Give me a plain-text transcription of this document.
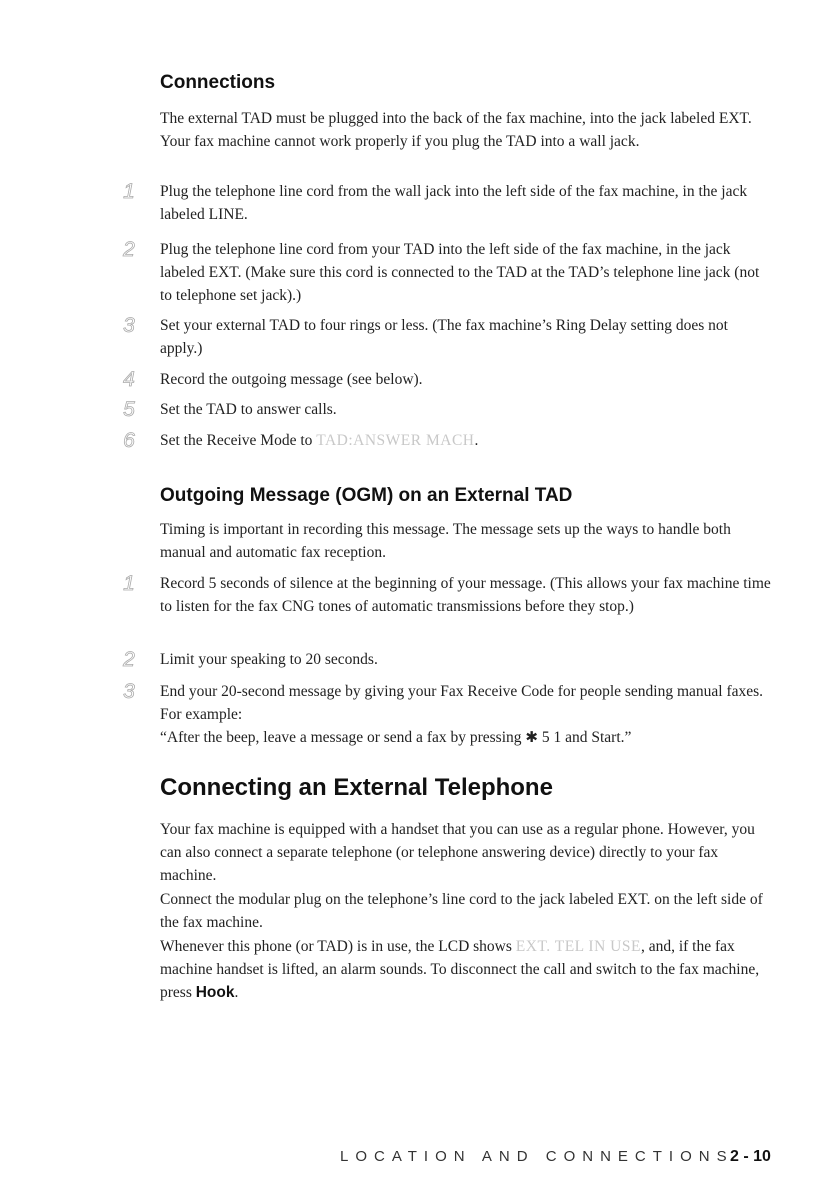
Connections

The external TAD must be plugged into the back of the fax machine, into the jack labeled EXT. Your fax machine cannot work properly if you plug the TAD into a wall jack.

1	Plug the telephone line cord from the wall jack into the left side of the fax machine, in the jack labeled LINE.

2	Plug the telephone line cord from your TAD into the left side of the fax machine, in the jack labeled EXT. (Make sure this cord is connected to the TAD at the TAD’s telephone line jack (not to telephone set jack).)

3	Set your external TAD to four rings or less. (The fax machine’s Ring Delay setting does not apply.)

4	Record the outgoing message (see below).

5	Set the TAD to answer calls.

6	Set the Receive Mode to TAD:ANSWER MACH.

Outgoing Message (OGM) on an External TAD

Timing is important in recording this message. The message sets up the ways to handle both manual and automatic fax reception.

1	Record 5 seconds of silence at the beginning of your message. (This allows your fax machine time to listen for the fax CNG tones of automatic transmissions before they stop.)

2	Limit your speaking to 20 seconds.

3	End your 20-second message by giving your Fax Receive Code for people sending manual faxes. For example:
“After the beep, leave a message or send a fax by pressing ✱ 5 1 and Start.”

Connecting an External Telephone

Your fax machine is equipped with a handset that you can use as a regular phone. However, you can also connect a separate telephone (or telephone answering device) directly to your fax machine.

Connect the modular plug on the telephone’s line cord to the jack labeled EXT. on the left side of the fax machine.

Whenever this phone (or TAD) is in use, the LCD shows EXT. TEL IN USE, and, if the fax machine handset is lifted, an alarm sounds. To disconnect the call and switch to the fax machine, press Hook.

LOCATION AND CONNECTIONS
2 - 10
